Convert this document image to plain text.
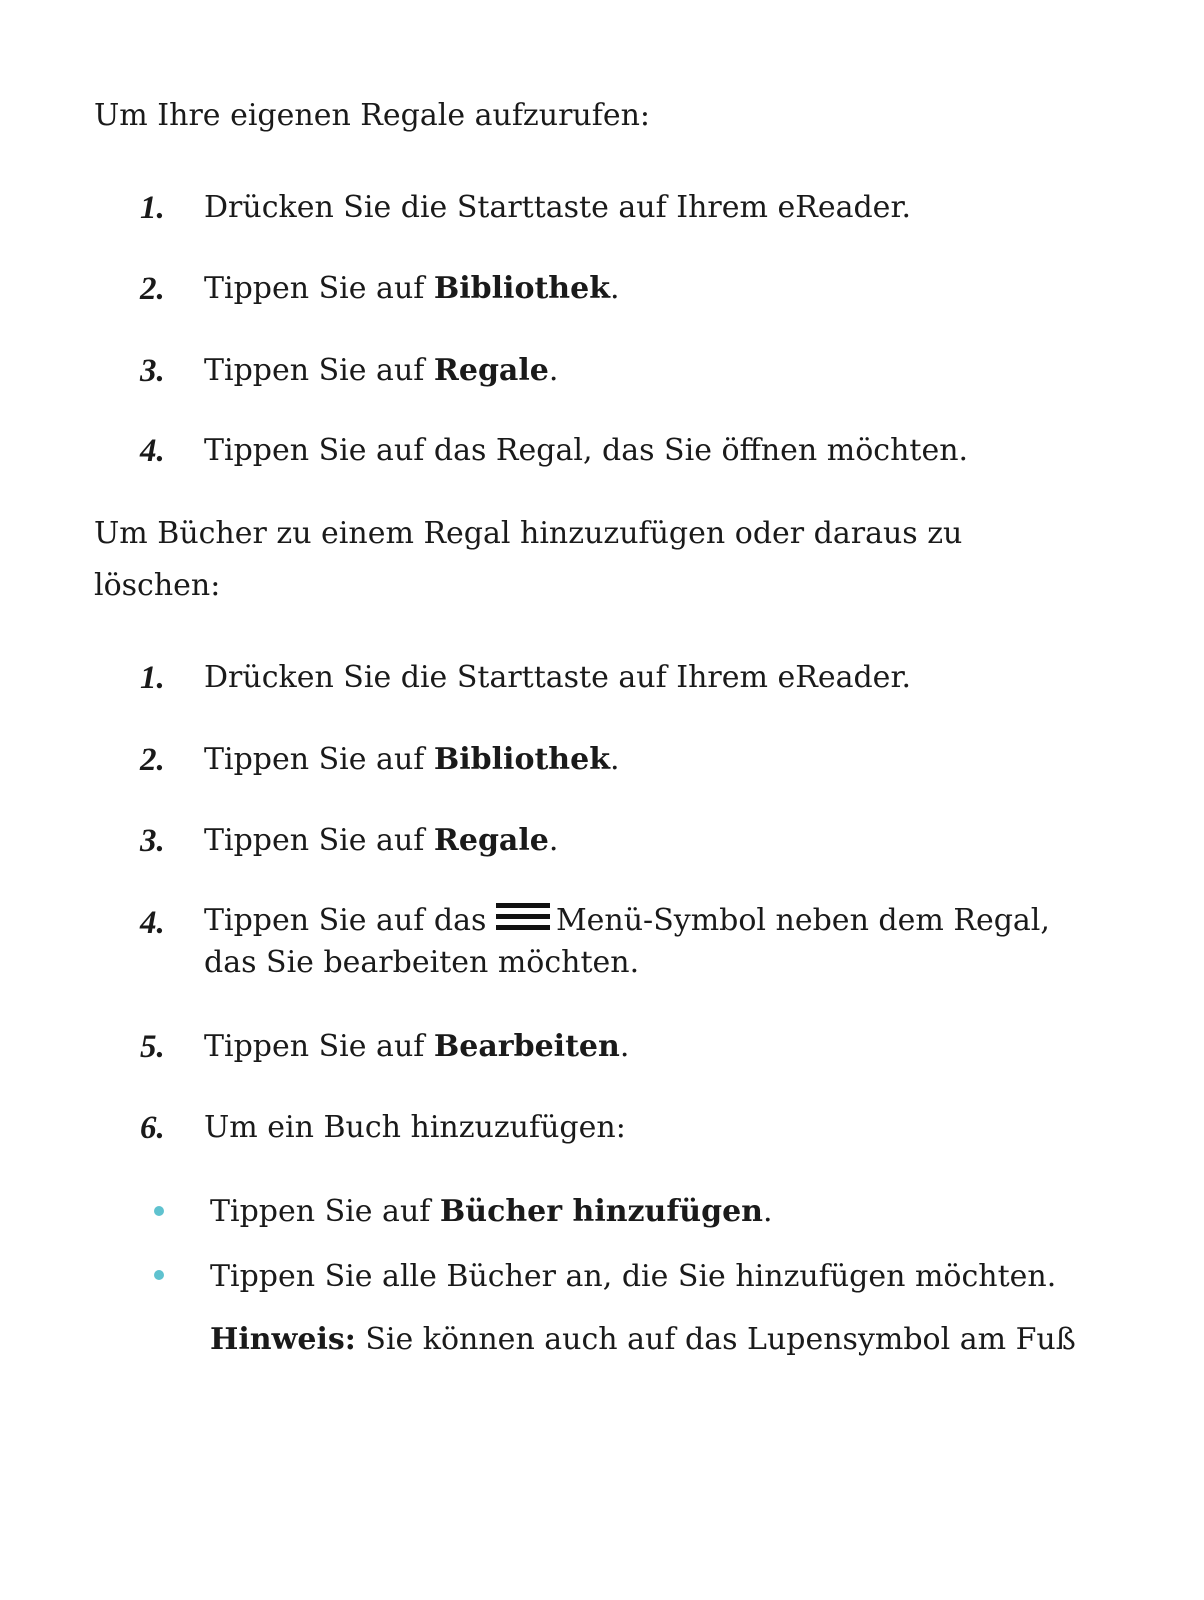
Um Ihre eigenen Regale aufzurufen:
1. Drücken Sie die Starttaste auf Ihrem eReader.
2. Tippen Sie auf Bibliothek.
3. Tippen Sie auf Regale.
4. Tippen Sie auf das Regal, das Sie öffnen möchten.
Um Bücher zu einem Regal hinzuzufügen oder daraus zu löschen:
1. Drücken Sie die Starttaste auf Ihrem eReader.
2. Tippen Sie auf Bibliothek.
3. Tippen Sie auf Regale.
4. Tippen Sie auf das Menü-Symbol neben dem Regal,
das Sie bearbeiten möchten.
5. Tippen Sie auf Bearbeiten.
6. Um ein Buch hinzuzufügen:
Tippen Sie auf Bücher hinzufügen.
Tippen Sie alle Bücher an, die Sie hinzufügen möchten.
Hinweis: Sie können auch auf das Lupensymbol am Fuß
